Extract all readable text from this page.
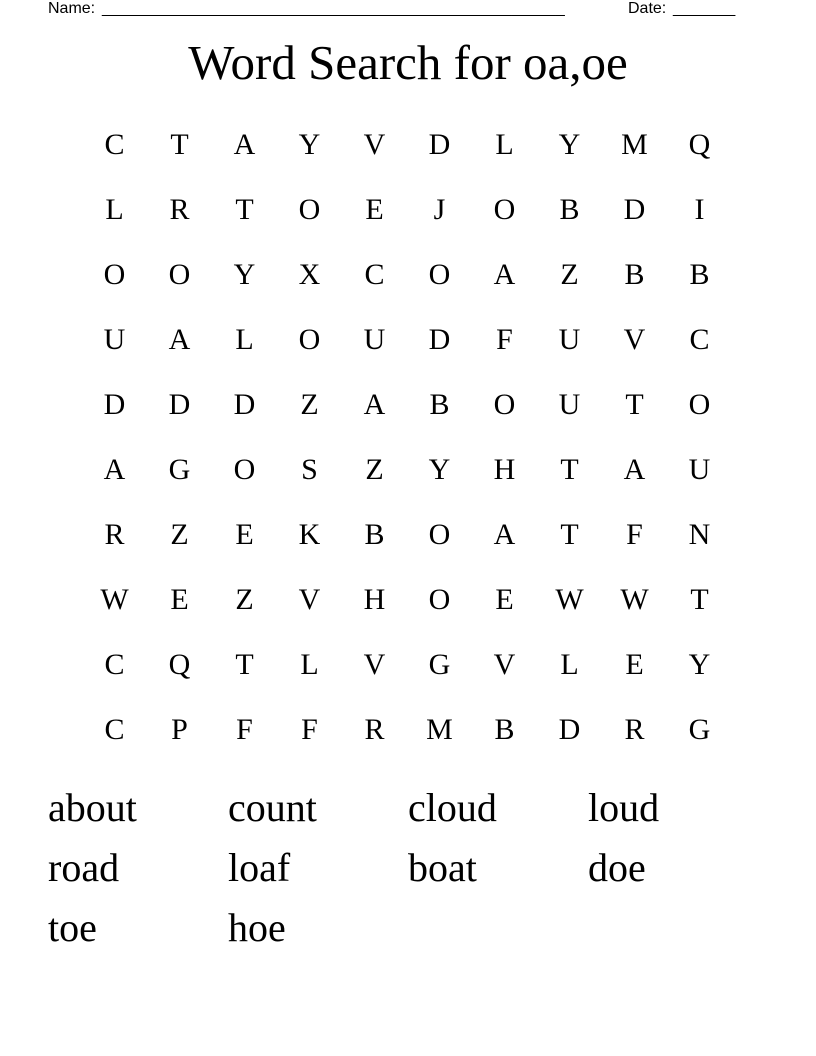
Name: ____________________________________________________	Date: _______
Word Search for oa,oe
C	T	A	Y	V	D	L	Y	M	Q
L	R	T	O	E	J	O	B	D	I
O	O	Y	X	C	O	A	Z	B	B
U	A	L	O	U	D	F	U	V	C
D	D	D	Z	A	B	O	U	T	O
A	G	O	S	Z	Y	H	T	A	U
R	Z	E	K	B	O	A	T	F	N
W	E	Z	V	H	O	E	W	W	T
C	Q	T	L	V	G	V	L	E	Y
C	P	F	F	R	M	B	D	R	G
about	count	cloud	loud
road	loaf	boat	doe
toe	hoe
